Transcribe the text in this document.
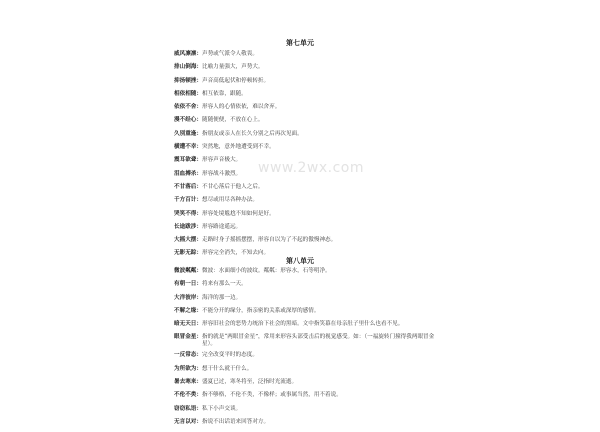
www.2wx.com
第七单元
威风凛凛： 声势或气派令人敬畏。
排山倒海： 比喻力量强大，声势大。
抑扬顿挫： 声音高低起伏和停顿转折。
相依相随： 相互依靠，跟随。
依依不舍： 形容人的心情依依，难以舍弃。
漫不经心： 随随便便，不放在心上。
久别重逢： 指朋友或亲人在长久分别之后再次见面。
横遭不幸： 突然地，意外地遭受到不幸。
震耳欲聋： 形容声音极大。
泪血搏杀： 形容战斗激烈。
不甘落后： 不甘心落后于他人之后。
千方百计： 想尽或用尽各种办法。
哭笑不得： 形容处境尴尬不知如何是好。
长途跋涉： 形容路途遥远。
大摇大摆： 走路时身子摇摇摆摆，形容自以为了不起的傲慢神态。
无影无踪： 形容完全消失，不知去向。
第八单元
微波粼粼： 微波：水面细小的波纹。粼粼：形容水，石等明净。
有朝一日： 将来有那么一天。
大洋彼岸： 海洋的那一边。
不解之缘： 不能分开的缘分，指亲密的关系或深厚的感情。
暗无天日： 形容旧社会的恶势力统治下社会的黑暗。文中指笑幕在母亲肚子里什么也看不见。
眼冒金星： 指的就是“两眼冒金星”，常用来形容头部受击后的视觉感受。如：（一福旋转门撞得我两眼冒金星）。
一反常态： 完全改变平时的态度。
为所欲为： 想干什么就干什么。
暑去寒来： 盛夏已过，寒冬将至，泛指时光流逝。
不伦不类： 指不够格，不伦不类，不像样；或事属当然，用不着说。
窃窃私语： 私下小声交谈。
无言以对： 指说不出话语来回答对方。
